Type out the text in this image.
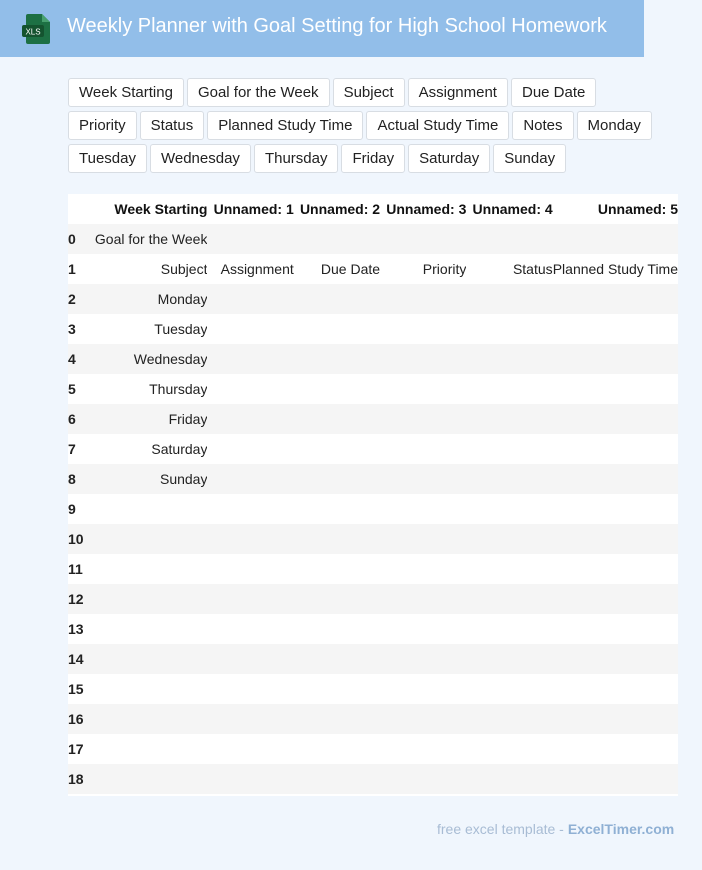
XLS Weekly Planner with Goal Setting for High School Homework
Week Starting	Goal for the Week	Subject	Assignment	Due Date
Priority	Status	Planned Study Time	Actual Study Time	Notes	Monday
Tuesday	Wednesday	Thursday	Friday	Saturday	Sunday
	Week Starting	Unnamed: 1	Unnamed: 2	Unnamed: 3	Unnamed: 4	Unnamed: 5
0	Goal for the Week					
1	Subject	Assignment	Due Date	Priority	Status	Planned Study Time
2	Monday					
3	Tuesday					
4	Wednesday					
5	Thursday					
6	Friday					
7	Saturday					
8	Sunday					
9						
10						
11						
12						
13						
14						
15						
16						
17						
18						
free excel template - ExcelTimer.com
